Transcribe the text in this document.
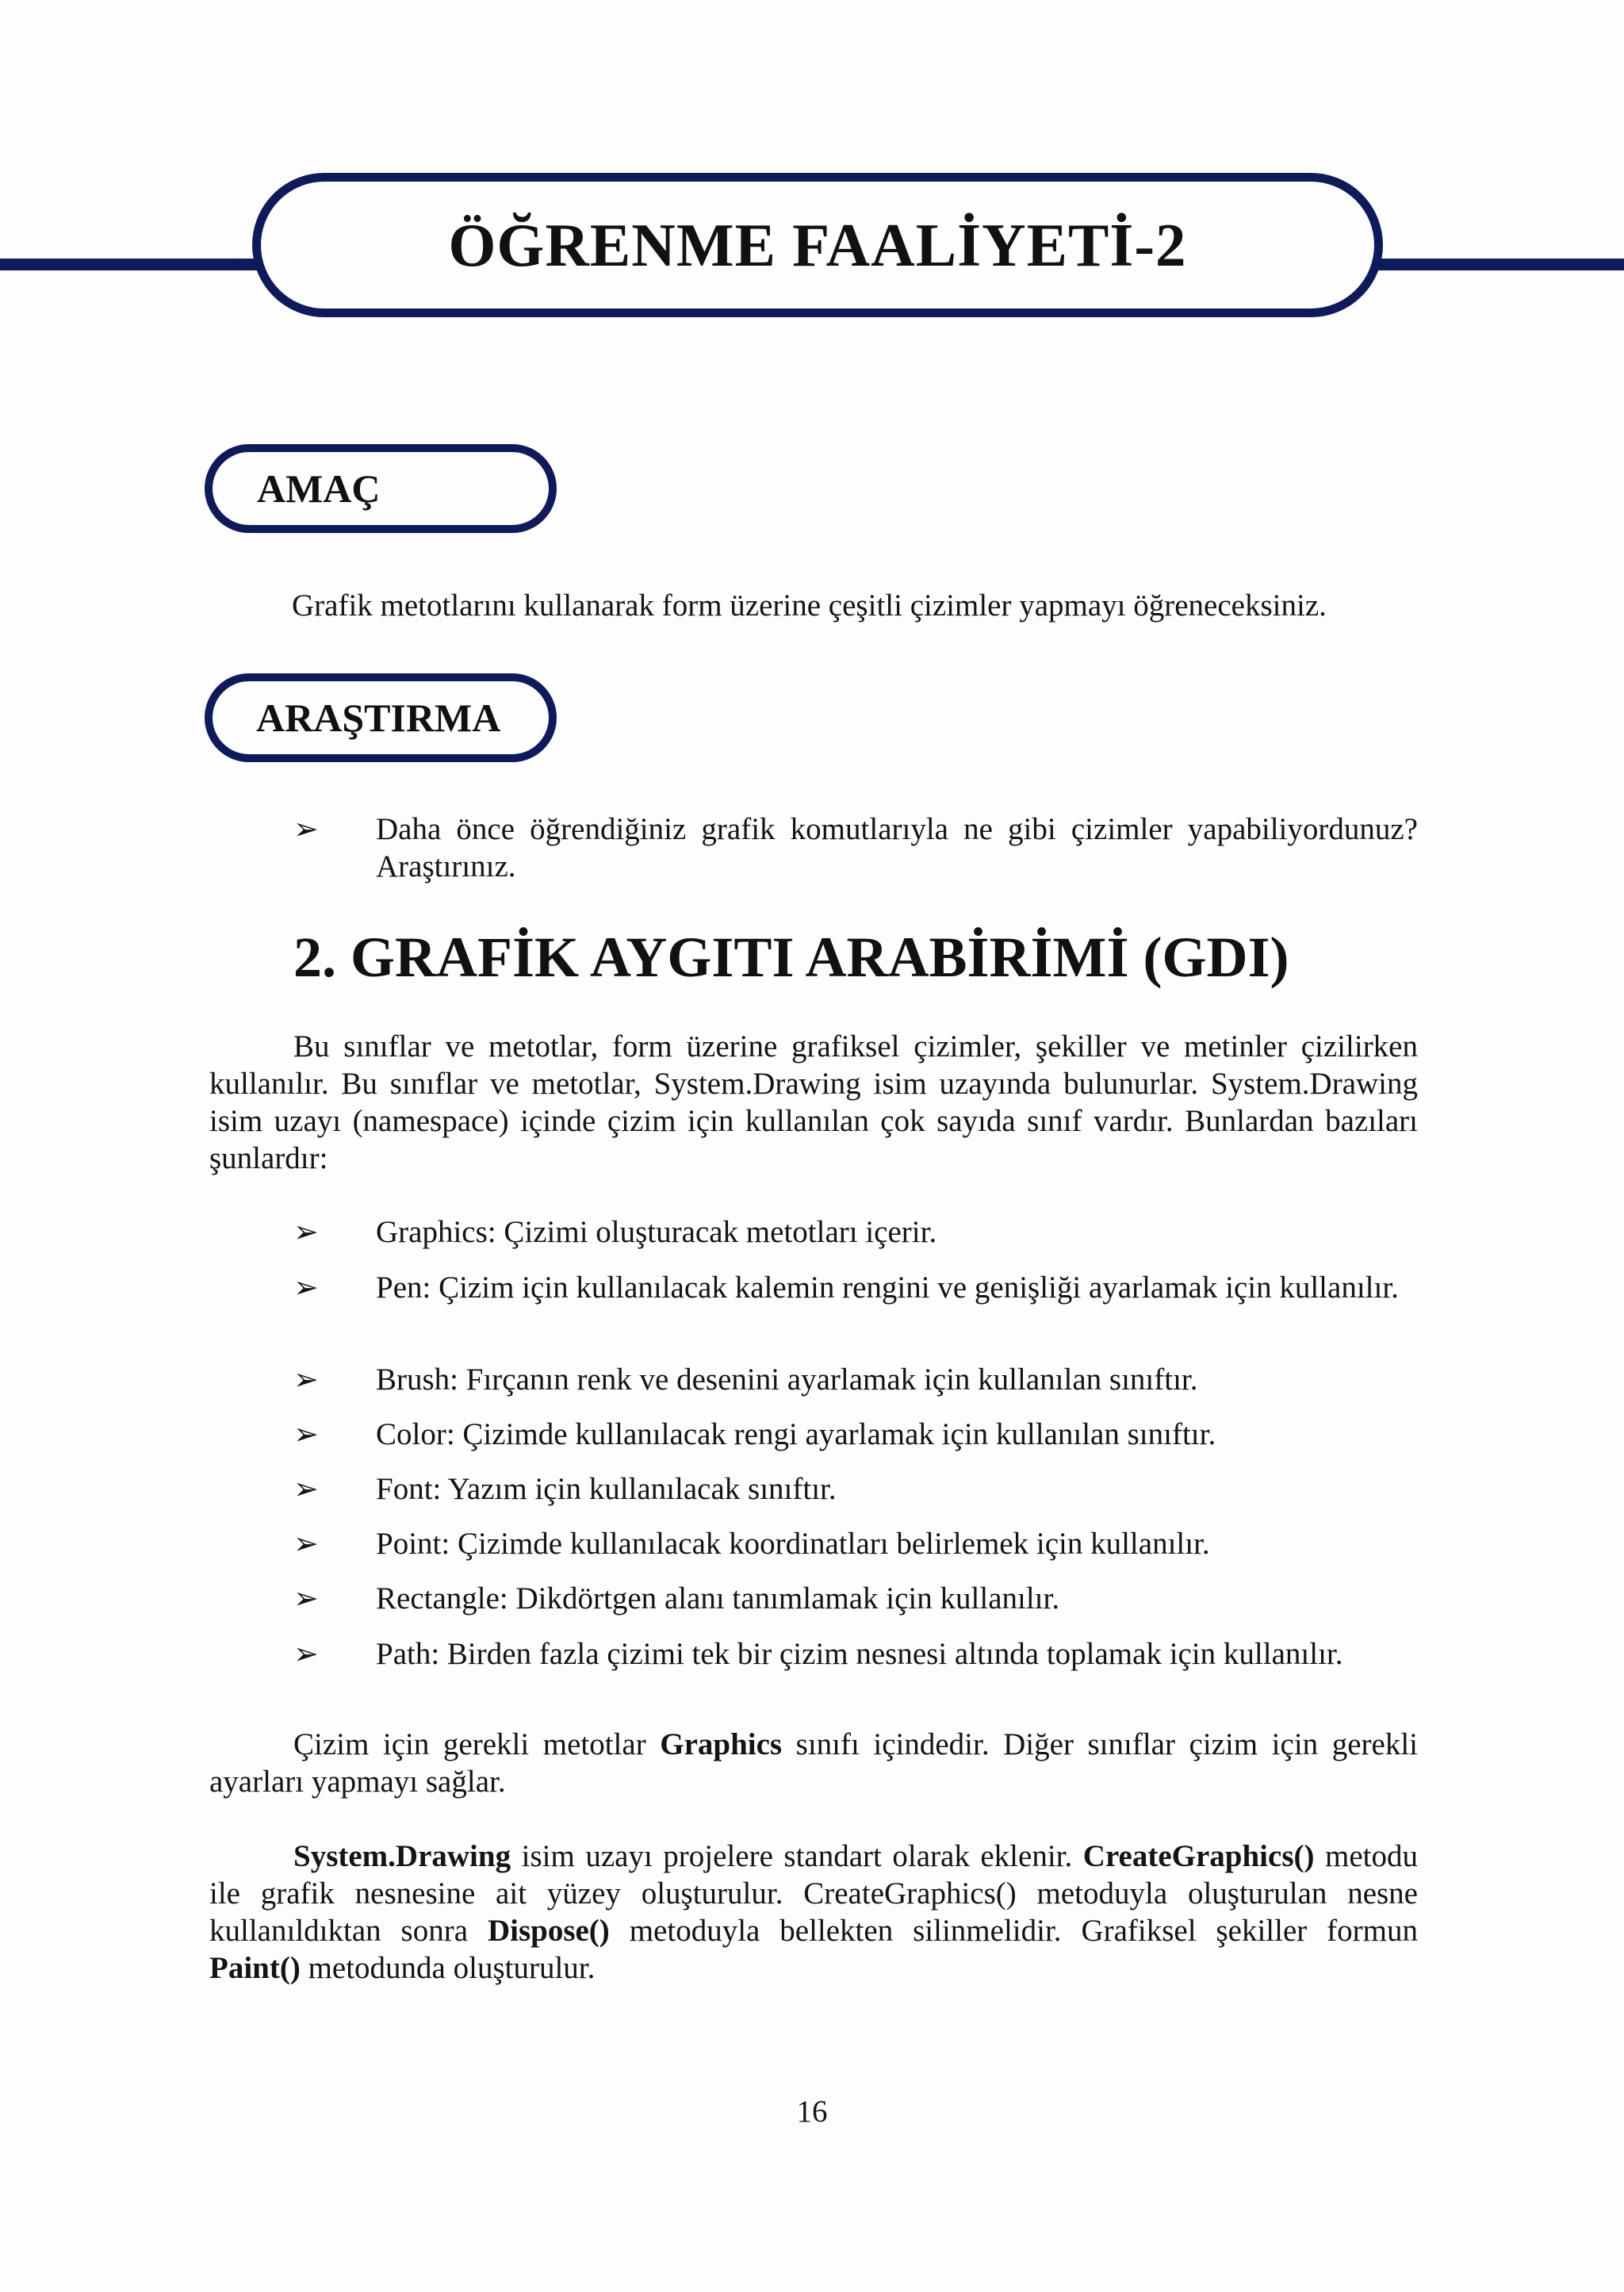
ÖĞRENME FAALİYETİ-2
AMAÇ
Grafik metotlarını kullanarak form üzerine çeşitli çizimler yapmayı öğreneceksiniz.
ARAŞTIRMA
➢ Daha önce öğrendiğiniz grafik komutlarıyla ne gibi çizimler yapabiliyordunuz? Araştırınız.
2. GRAFİK AYGITI ARABİRİMİ (GDI)
Bu sınıflar ve metotlar, form üzerine grafiksel çizimler, şekiller ve metinler çizilirken kullanılır. Bu sınıflar ve metotlar, System.Drawing isim uzayında bulunurlar. System.Drawing isim uzayı (namespace) içinde çizim için kullanılan çok sayıda sınıf vardır. Bunlardan bazıları şunlardır:
➢ Graphics: Çizimi oluşturacak metotları içerir.
➢ Pen: Çizim için kullanılacak kalemin rengini ve genişliği ayarlamak için kullanılır.
➢ Brush: Fırçanın renk ve desenini ayarlamak için kullanılan sınıftır.
➢ Color: Çizimde kullanılacak rengi ayarlamak için kullanılan sınıftır.
➢ Font: Yazım için kullanılacak sınıftır.
➢ Point: Çizimde kullanılacak koordinatları belirlemek için kullanılır.
➢ Rectangle: Dikdörtgen alanı tanımlamak için kullanılır.
➢ Path: Birden fazla çizimi tek bir çizim nesnesi altında toplamak için kullanılır.
Çizim için gerekli metotlar Graphics sınıfı içindedir. Diğer sınıflar çizim için gerekli ayarları yapmayı sağlar.
System.Drawing isim uzayı projelere standart olarak eklenir. CreateGraphics() metodu ile grafik nesnesine ait yüzey oluşturulur. CreateGraphics() metoduyla oluşturulan nesne kullanıldıktan sonra Dispose() metoduyla bellekten silinmelidir. Grafiksel şekiller formun Paint() metodunda oluşturulur.
16
